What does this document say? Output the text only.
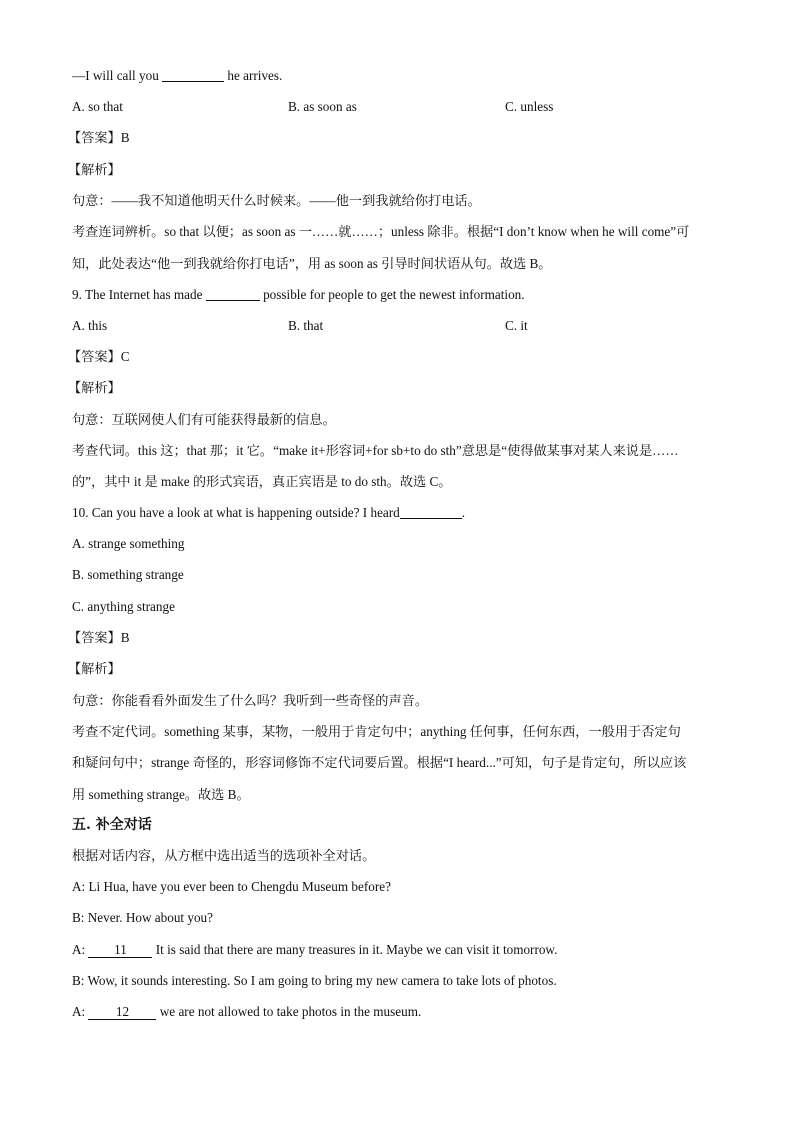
—I will call you	he arrives.
A. so that	B. as soon as	C. unless
【答案】B
【解析】
句意：——我不知道他明天什么时候来。——他一到我就给你打电话。
考查连词辨析。so that 以便；as soon as 一……就……；unless 除非。根据“I don’t know when he will come”可
知，此处表达“他一到我就给你打电话”，用 as soon as 引导时间状语从句。故选 B。
9. The Internet has made	possible for people to get the newest information.
A. this	B. that	C. it
【答案】C
【解析】
句意：互联网使人们有可能获得最新的信息。
考查代词。this 这；that 那；it 它。“make it+形容词+for sb+to do sth”意思是“使得做某事对某人来说是……
的”，其中 it 是 make 的形式宾语，真正宾语是 to do sth。故选 C。
10. Can you have a look at what is happening outside? I heard	.
A. strange something
B. something strange
C. anything strange
【答案】B
【解析】
句意：你能看看外面发生了什么吗？我听到一些奇怪的声音。
考查不定代词。something 某事，某物，一般用于肯定句中；anything 任何事，任何东西，一般用于否定句
和疑问句中；strange 奇怪的，形容词修饰不定代词要后置。根据“I heard...”可知，句子是肯定句，所以应该
用 something strange。故选 B。
五. 补全对话
根据对话内容，从方框中选出适当的选项补全对话。
A: Li Hua, have you ever been to Chengdu Museum before?
B: Never. How about you?
A: 11 It is said that there are many treasures in it. Maybe we can visit it tomorrow.
B: Wow, it sounds interesting. So I am going to bring my new camera to take lots of photos.
A: 12 we are not allowed to take photos in the museum.
